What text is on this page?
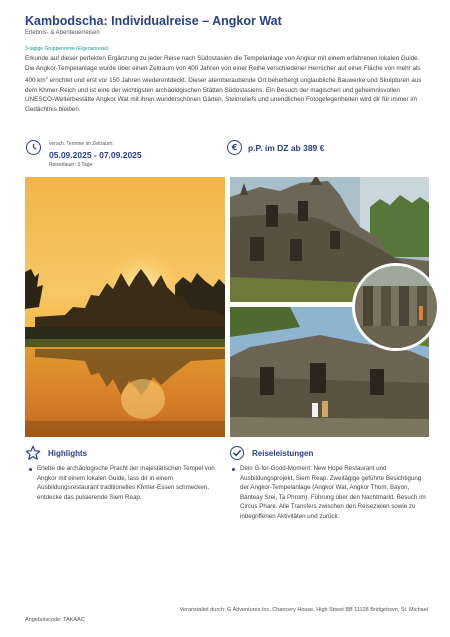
Kambodscha: Individualreise – Angkor Wat
Erlebnis- & Abenteuerreisen
3-tägige Gruppenreise (Eigenanreise)
Erkunde auf dieser perfekten Ergänzung zu jeder Reise nach Südostasien die Tempelanlage von Angkor mit einem erfahrenen lokalen Guide. Die Angkor-Tempelanlage wurde über einen Zeitraum von 400 Jahren von einer Reihe verschiedener Herrscher auf einer Fläche von mehr als 400 $km^2$ errichtet und erst vor 150 Jahren wiederentdeckt. Dieser atemberaubende Ort beherbergt unglaubliche Bauwerke und Skulpturen aus dem Khmer-Reich und ist eine der wichtigsten archäologischen Stätten Südostasiens. Ein Besuch der magischen und geheimnisvollen UNESCO-Welterbestätte Angkor Wat mit ihren wunderschönen Gärten, Steinreliefs und unendlichen Fotogelegenheiten wird dir für immer im Gedächtnis bleiben.
versch. Termine im Zeitraum:
05.09.2025 - 07.09.2025
Reisedauer: 3 Tage
€	p.P. im DZ ab 389 €
Highlights
Erlebe die archäologische Pracht der majestätischen Tempel von Angkor mit einem lokalen Guide, lass dir in einem Ausbildungsrestaurant traditionelles Khmer-Essen schmecken, entdecke das pulsierende Siem Reap.
Reiseleistungen
Dein G-for-Good-Moment: New Hope Restaurant und Ausbildungsprojekt, Siem Reap. Zweitägige geführte Besichtigung der Angkor-Tempelanlage (Angkor Wat, Angkor Thom, Bayon, Banteay Srei, Ta Phrom). Führung über den Nachtmarkt. Besuch im Circus Phare. Alle Transfers zwischen den Reisezielen sowie zu inbegriffenen Aktivitäten und zurück.
Angebotscode: TAKAAC
Veranstaltet durch: G Adventures Inc. Chancery House, High Street BB 11128 Bridgetown, St. Michael
